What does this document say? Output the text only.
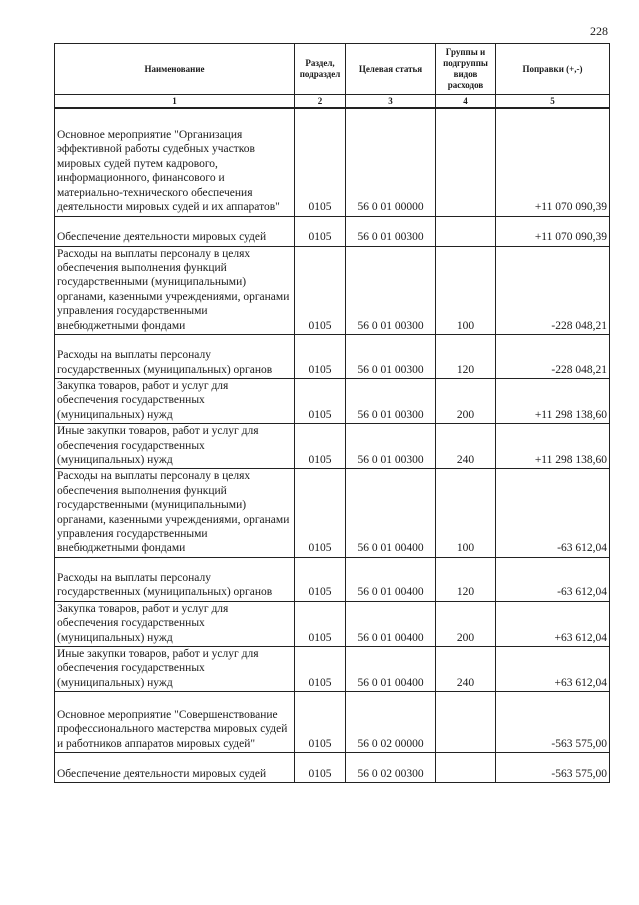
228
Наименование	Раздел, подраздел	Целевая статья	Группы и подгруппы видов расходов	Поправки (+,-)
1	2	3	4	5
Основное мероприятие "Организация эффективной работы судебных участков мировых судей путем кадрового, информационного, финансового и материально-технического обеспечения деятельности мировых судей и их аппаратов"	0105	56 0 01 00000		+11 070 090,39
Обеспечение деятельности мировых судей	0105	56 0 01 00300		+11 070 090,39
Расходы на выплаты персоналу в целях обеспечения выполнения функций государственными (муниципальными) органами, казенными учреждениями, органами управления государственными внебюджетными фондами	0105	56 0 01 00300	100	-228 048,21
Расходы на выплаты персоналу государственных (муниципальных) органов	0105	56 0 01 00300	120	-228 048,21
Закупка товаров, работ и услуг для обеспечения государственных (муниципальных) нужд	0105	56 0 01 00300	200	+11 298 138,60
Иные закупки товаров, работ и услуг для обеспечения государственных (муниципальных) нужд	0105	56 0 01 00300	240	+11 298 138,60
Расходы на выплаты персоналу в целях обеспечения выполнения функций государственными (муниципальными) органами, казенными учреждениями, органами управления государственными внебюджетными фондами	0105	56 0 01 00400	100	-63 612,04
Расходы на выплаты персоналу государственных (муниципальных) органов	0105	56 0 01 00400	120	-63 612,04
Закупка товаров, работ и услуг для обеспечения государственных (муниципальных) нужд	0105	56 0 01 00400	200	+63 612,04
Иные закупки товаров, работ и услуг для обеспечения государственных (муниципальных) нужд	0105	56 0 01 00400	240	+63 612,04
Основное мероприятие "Совершенствование профессионального мастерства мировых судей и работников аппаратов мировых судей"	0105	56 0 02 00000		-563 575,00
Обеспечение деятельности мировых судей	0105	56 0 02 00300		-563 575,00
